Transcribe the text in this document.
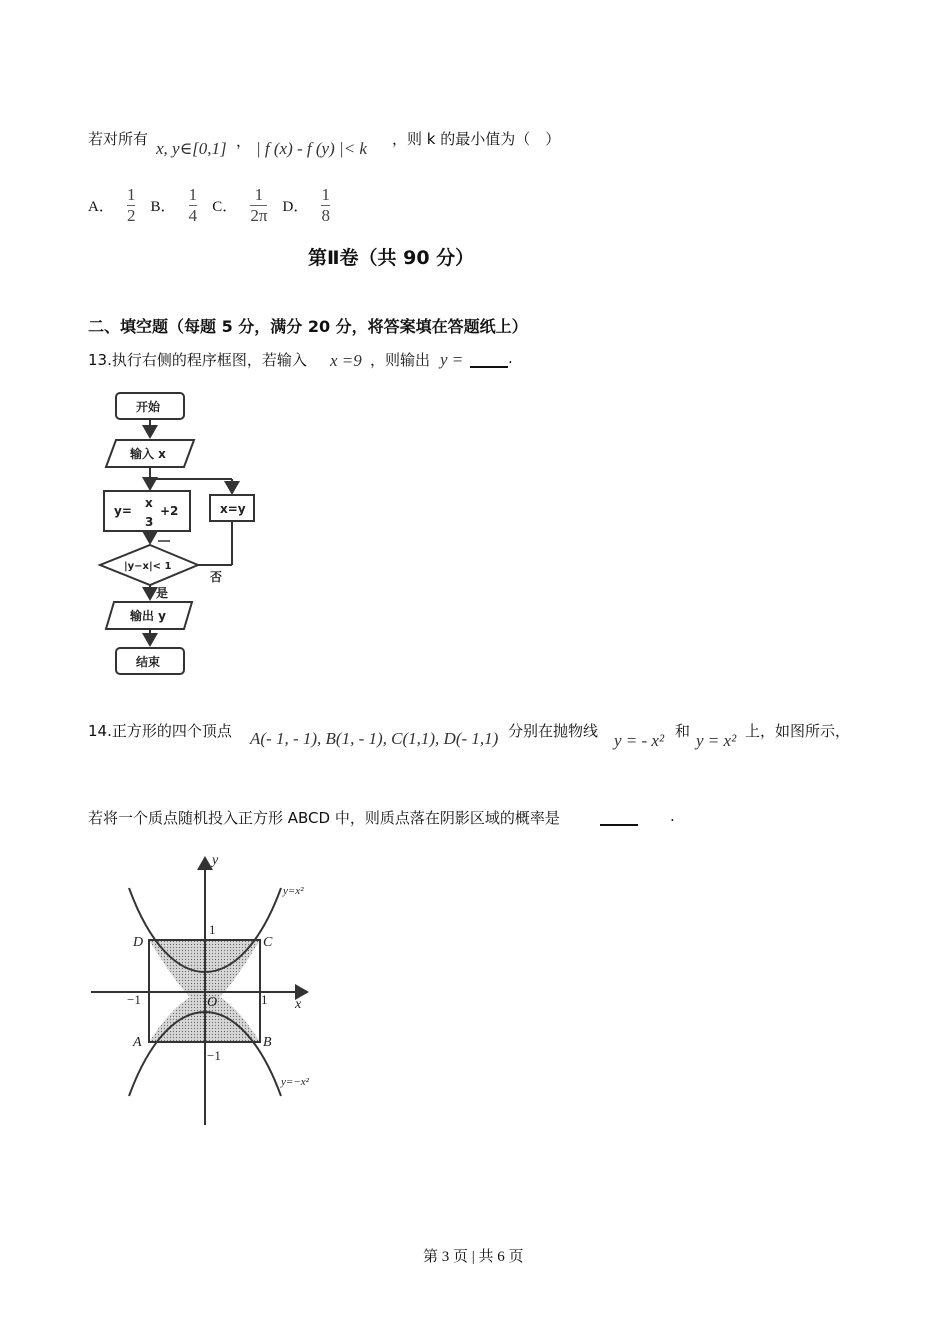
若对所有 x, y∈[0,1] ， | f (x) - f (y) |< k ，则 k 的最小值为（　）
A． $\frac{1}{2}$ B． $\frac{1}{4}$ C． $\frac{1}{2\pi}$ D． $\frac{1}{8}$
第Ⅱ卷（共 90 分）
二、填空题（每题 5 分，满分 20 分，将答案填在答题纸上）
13.执行右侧的程序框图，若输入 x =9 ，则输出 y =	.
开始
输入 x
y=
x
3
+2	x=y
|y−x|< 1
否
是
输出 y
结束
14.正方形的四个顶点 A(- 1, - 1), B(1, - 1), C(1,1), D(- 1,1) 分别在抛物线 y = - x² 和 y = x² 上，如图所示，
若将一个质点随机投入正方形 ABCD 中，则质点落在阴影区域的概率是	.
y
x
O
D	C
A	B
y=x²
y=−x²
1
−1
1
−1
第 3 页 | 共 6 页
